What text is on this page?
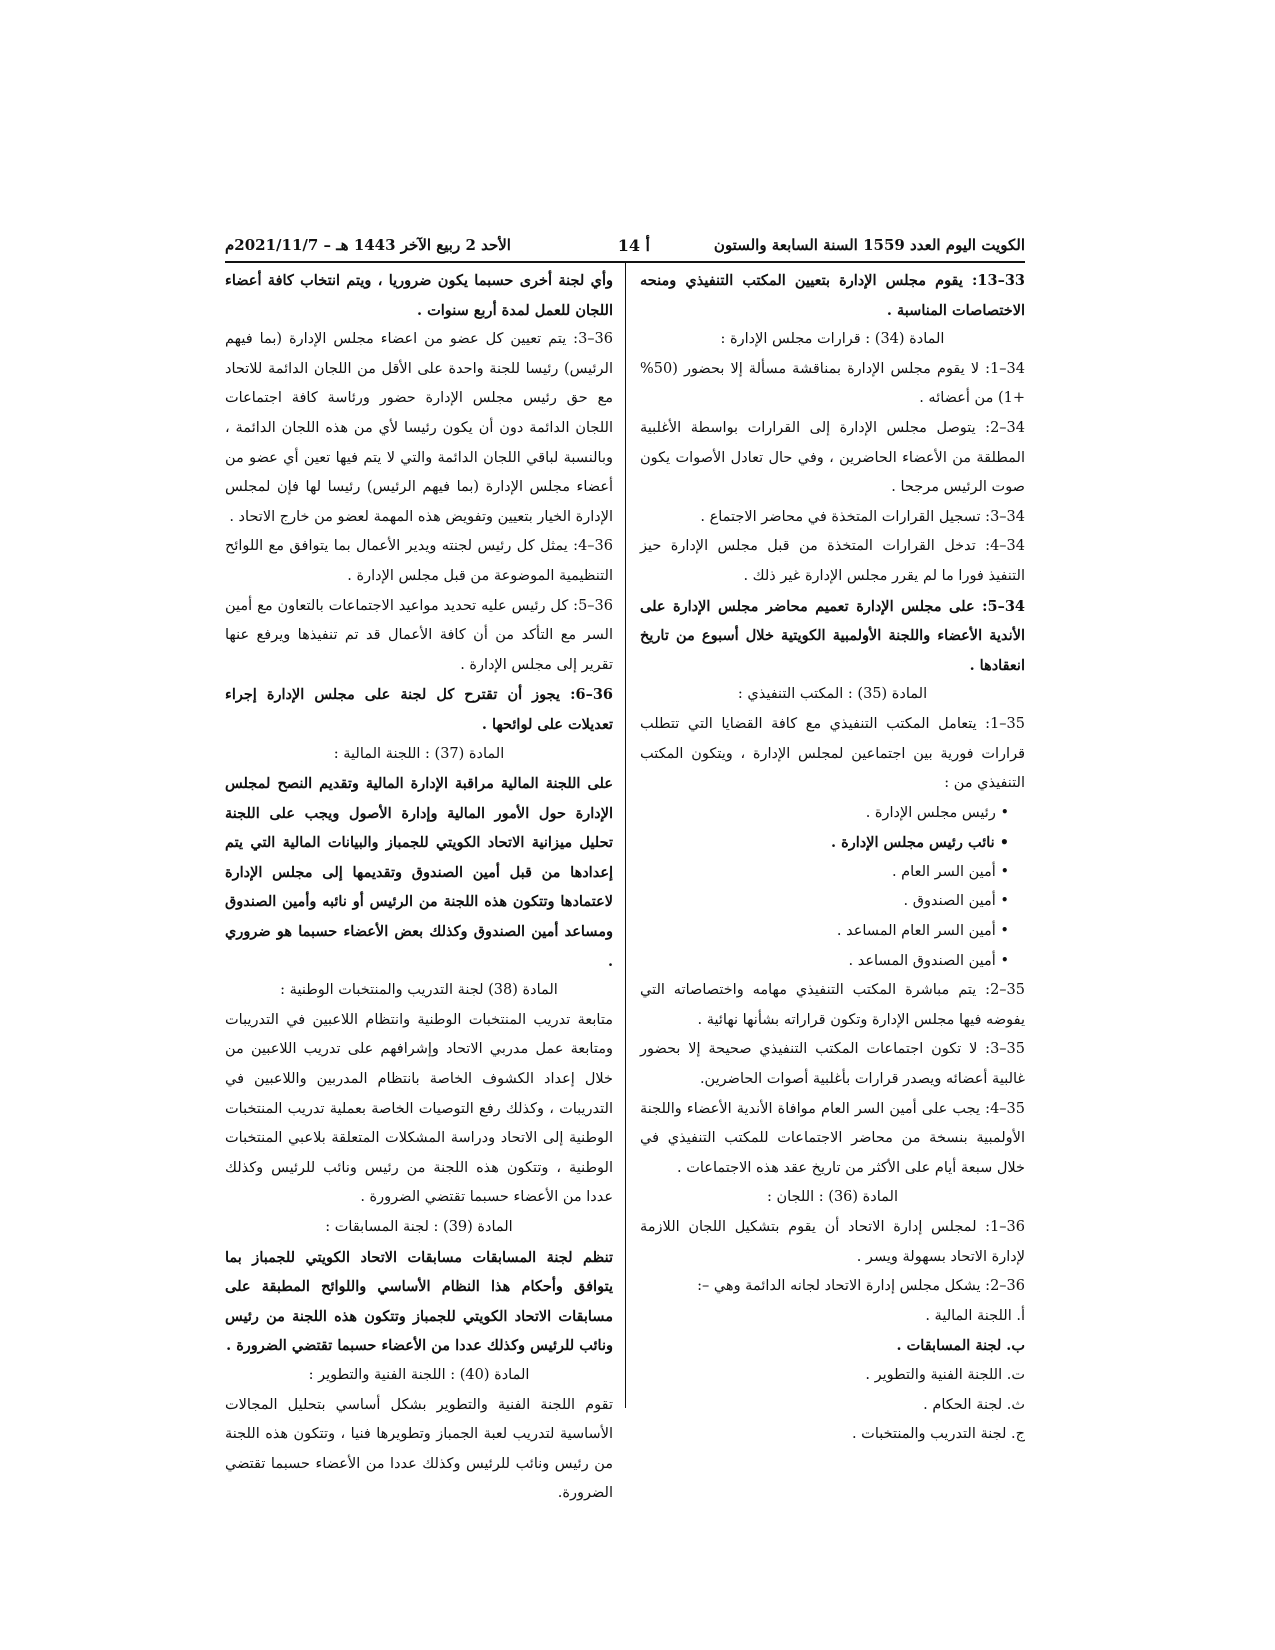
الكويت اليوم العدد 1559 السنة السابعة والستون
أ 14
الأحد 2 ربيع الآخر 1443 هـ – 2021/11/7م

33–13: يقوم مجلس الإدارة بتعيين المكتب التنفيذي ومنحه الاختصاصات المناسبة .

المادة (34) : قرارات مجلس الإدارة :

34–1: لا يقوم مجلس الإدارة بمناقشة مسألة إلا بحضور (50% +1) من أعضائه .

34–2: يتوصل مجلس الإدارة إلى القرارات بواسطة الأغلبية المطلقة من الأعضاء الحاضرين ، وفي حال تعادل الأصوات يكون صوت الرئيس مرجحا .

34–3: تسجيل القرارات المتخذة في محاضر الاجتماع .

34–4: تدخل القرارات المتخذة من قبل مجلس الإدارة حيز التنفيذ فورا ما لم يقرر مجلس الإدارة غير ذلك .

34–5: على مجلس الإدارة تعميم محاضر مجلس الإدارة على الأندية الأعضاء واللجنة الأولمبية الكويتية خلال أسبوع من تاريخ انعقادها .

المادة (35) : المكتب التنفيذي :

35–1: يتعامل المكتب التنفيذي مع كافة القضايا التي تتطلب قرارات فورية بين اجتماعين لمجلس الإدارة ، ويتكون المكتب التنفيذي من :

• رئيس مجلس الإدارة .

• نائب رئيس مجلس الإدارة .

• أمين السر العام .

• أمين الصندوق .

• أمين السر العام المساعد .

• أمين الصندوق المساعد .

35–2: يتم مباشرة المكتب التنفيذي مهامه واختصاصاته التي يفوضه فيها مجلس الإدارة وتكون قراراته بشأنها نهائية .

35–3: لا تكون اجتماعات المكتب التنفيذي صحيحة إلا بحضور غالبية أعضائه ويصدر قرارات بأغلبية أصوات الحاضرين.

35–4: يجب على أمين السر العام موافاة الأندية الأعضاء واللجنة الأولمبية بنسخة من محاضر الاجتماعات للمكتب التنفيذي في خلال سبعة أيام على الأكثر من تاريخ عقد هذه الاجتماعات .

المادة (36) : اللجان :

36–1: لمجلس إدارة الاتحاد أن يقوم بتشكيل اللجان اللازمة لإدارة الاتحاد بسهولة ويسر .

36–2: يشكل مجلس إدارة الاتحاد لجانه الدائمة وهي –:

أ. اللجنة المالية .

ب. لجنة المسابقات .

ت. اللجنة الفنية والتطوير .

ث. لجنة الحكام .

ج. لجنة التدريب والمنتخبات .

وأي لجنة أخرى حسبما يكون ضروريا ، ويتم انتخاب كافة أعضاء اللجان للعمل لمدة أربع سنوات .

36–3: يتم تعيين كل عضو من اعضاء مجلس الإدارة (بما فيهم الرئيس) رئيسا للجنة واحدة على الأقل من اللجان الدائمة للاتحاد مع حق رئيس مجلس الإدارة حضور ورئاسة كافة اجتماعات اللجان الدائمة دون أن يكون رئيسا لأي من هذه اللجان الدائمة ، وبالنسبة لباقي اللجان الدائمة والتي لا يتم فيها تعين أي عضو من أعضاء مجلس الإدارة (بما فيهم الرئيس) رئيسا لها فإن لمجلس الإدارة الخيار بتعيين وتفويض هذه المهمة لعضو من خارج الاتحاد .

36–4: يمثل كل رئيس لجنته ويدير الأعمال بما يتوافق مع اللوائح التنظيمية الموضوعة من قبل مجلس الإدارة .

36–5: كل رئيس عليه تحديد مواعيد الاجتماعات بالتعاون مع أمين السر مع التأكد من أن كافة الأعمال قد تم تنفيذها ويرفع عنها تقرير إلى مجلس الإدارة .

36–6: يجوز أن تقترح كل لجنة على مجلس الإدارة إجراء تعديلات على لوائحها .

المادة (37) : اللجنة المالية :

على اللجنة المالية مراقبة الإدارة المالية وتقديم النصح لمجلس الإدارة حول الأمور المالية وإدارة الأصول ويجب على اللجنة تحليل ميزانية الاتحاد الكويتي للجمباز والبيانات المالية التي يتم إعدادها من قبل أمين الصندوق وتقديمها إلى مجلس الإدارة لاعتمادها وتتكون هذه اللجنة من الرئيس أو نائبه وأمين الصندوق ومساعد أمين الصندوق وكذلك بعض الأعضاء حسبما هو ضروري .

المادة (38) لجنة التدريب والمنتخبات الوطنية :

متابعة تدريب المنتخبات الوطنية وانتظام اللاعبين في التدريبات ومتابعة عمل مدربي الاتحاد وإشرافهم على تدريب اللاعبين من خلال إعداد الكشوف الخاصة بانتظام المدربين واللاعبين في التدريبات ، وكذلك رفع التوصيات الخاصة بعملية تدريب المنتخبات الوطنية إلى الاتحاد ودراسة المشكلات المتعلقة بلاعبي المنتخبات الوطنية ، وتتكون هذه اللجنة من رئيس ونائب للرئيس وكذلك عددا من الأعضاء حسبما تقتضي الضرورة .

المادة (39) : لجنة المسابقات :

تنظم لجنة المسابقات مسابقات الاتحاد الكويتي للجمباز بما يتوافق وأحكام هذا النظام الأساسي واللوائح المطبقة على مسابقات الاتحاد الكويتي للجمباز وتتكون هذه اللجنة من رئيس ونائب للرئيس وكذلك عددا من الأعضاء حسبما تقتضي الضرورة .

المادة (40) : اللجنة الفنية والتطوير :

تقوم اللجنة الفنية والتطوير بشكل أساسي بتحليل المجالات الأساسية لتدريب لعبة الجمباز وتطويرها فنيا ، وتتكون هذه اللجنة من رئيس ونائب للرئيس وكذلك عددا من الأعضاء حسبما تقتضي الضرورة.
